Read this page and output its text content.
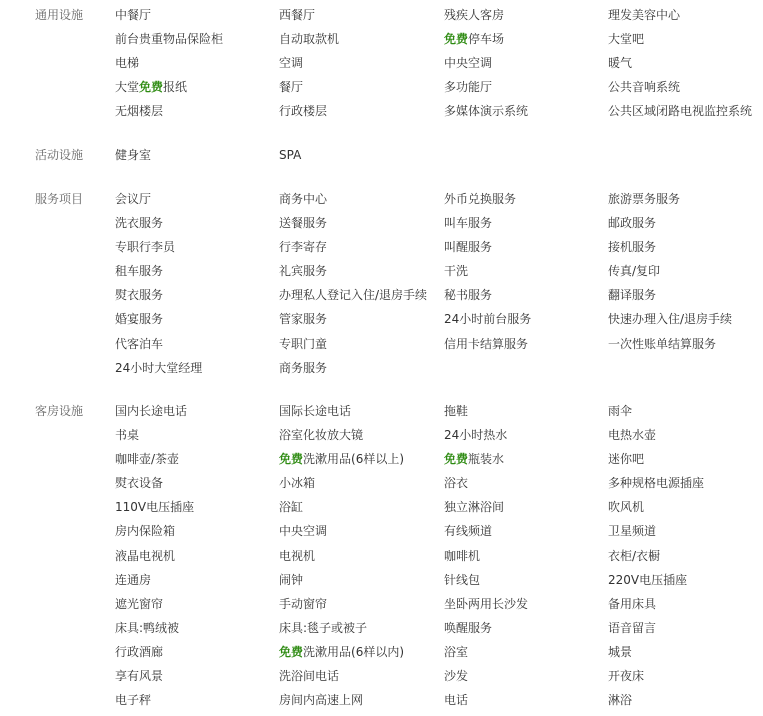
通用设施	中餐厅	西餐厅	残疾人客房	理发美容中心
前台贵重物品保险柜	自动取款机	免费停车场	大堂吧
电梯	空调	中央空调	暖气
大堂免费报纸	餐厅	多功能厅	公共音响系统
无烟楼层	行政楼层	多媒体演示系统	公共区域闭路电视监控系统
活动设施	健身室	SPA
服务项目	会议厅	商务中心	外币兑换服务	旅游票务服务
洗衣服务	送餐服务	叫车服务	邮政服务
专职行李员	行李寄存	叫醒服务	接机服务
租车服务	礼宾服务	干洗	传真/复印
熨衣服务	办理私人登记入住/退房手续 秘书服务	翻译服务
婚宴服务	管家服务	24小时前台服务	快速办理入住/退房手续
代客泊车	专职门童	信用卡结算服务	一次性账单结算服务
24小时大堂经理	商务服务
客房设施	国内长途电话	国际长途电话	拖鞋	雨伞
书桌	浴室化妆放大镜	24小时热水	电热水壶
咖啡壶/茶壶	免费洗漱用品(6样以上)	免费瓶装水	迷你吧
熨衣设备	小冰箱	浴衣	多种规格电源插座
110V电压插座	浴缸	独立淋浴间	吹风机
房内保险箱	中央空调	有线频道	卫星频道
液晶电视机	电视机	咖啡机	衣柜/衣橱
连通房	闹钟	针线包	220V电压插座
遮光窗帘	手动窗帘	坐卧两用长沙发	备用床具
床具:鸭绒被	床具:毯子或被子	唤醒服务	语音留言
行政酒廊	免费洗漱用品(6样以内)	浴室	城景
享有风景	洗浴间电话	沙发	开夜床
电子秤	房间内高速上网	电话	淋浴
